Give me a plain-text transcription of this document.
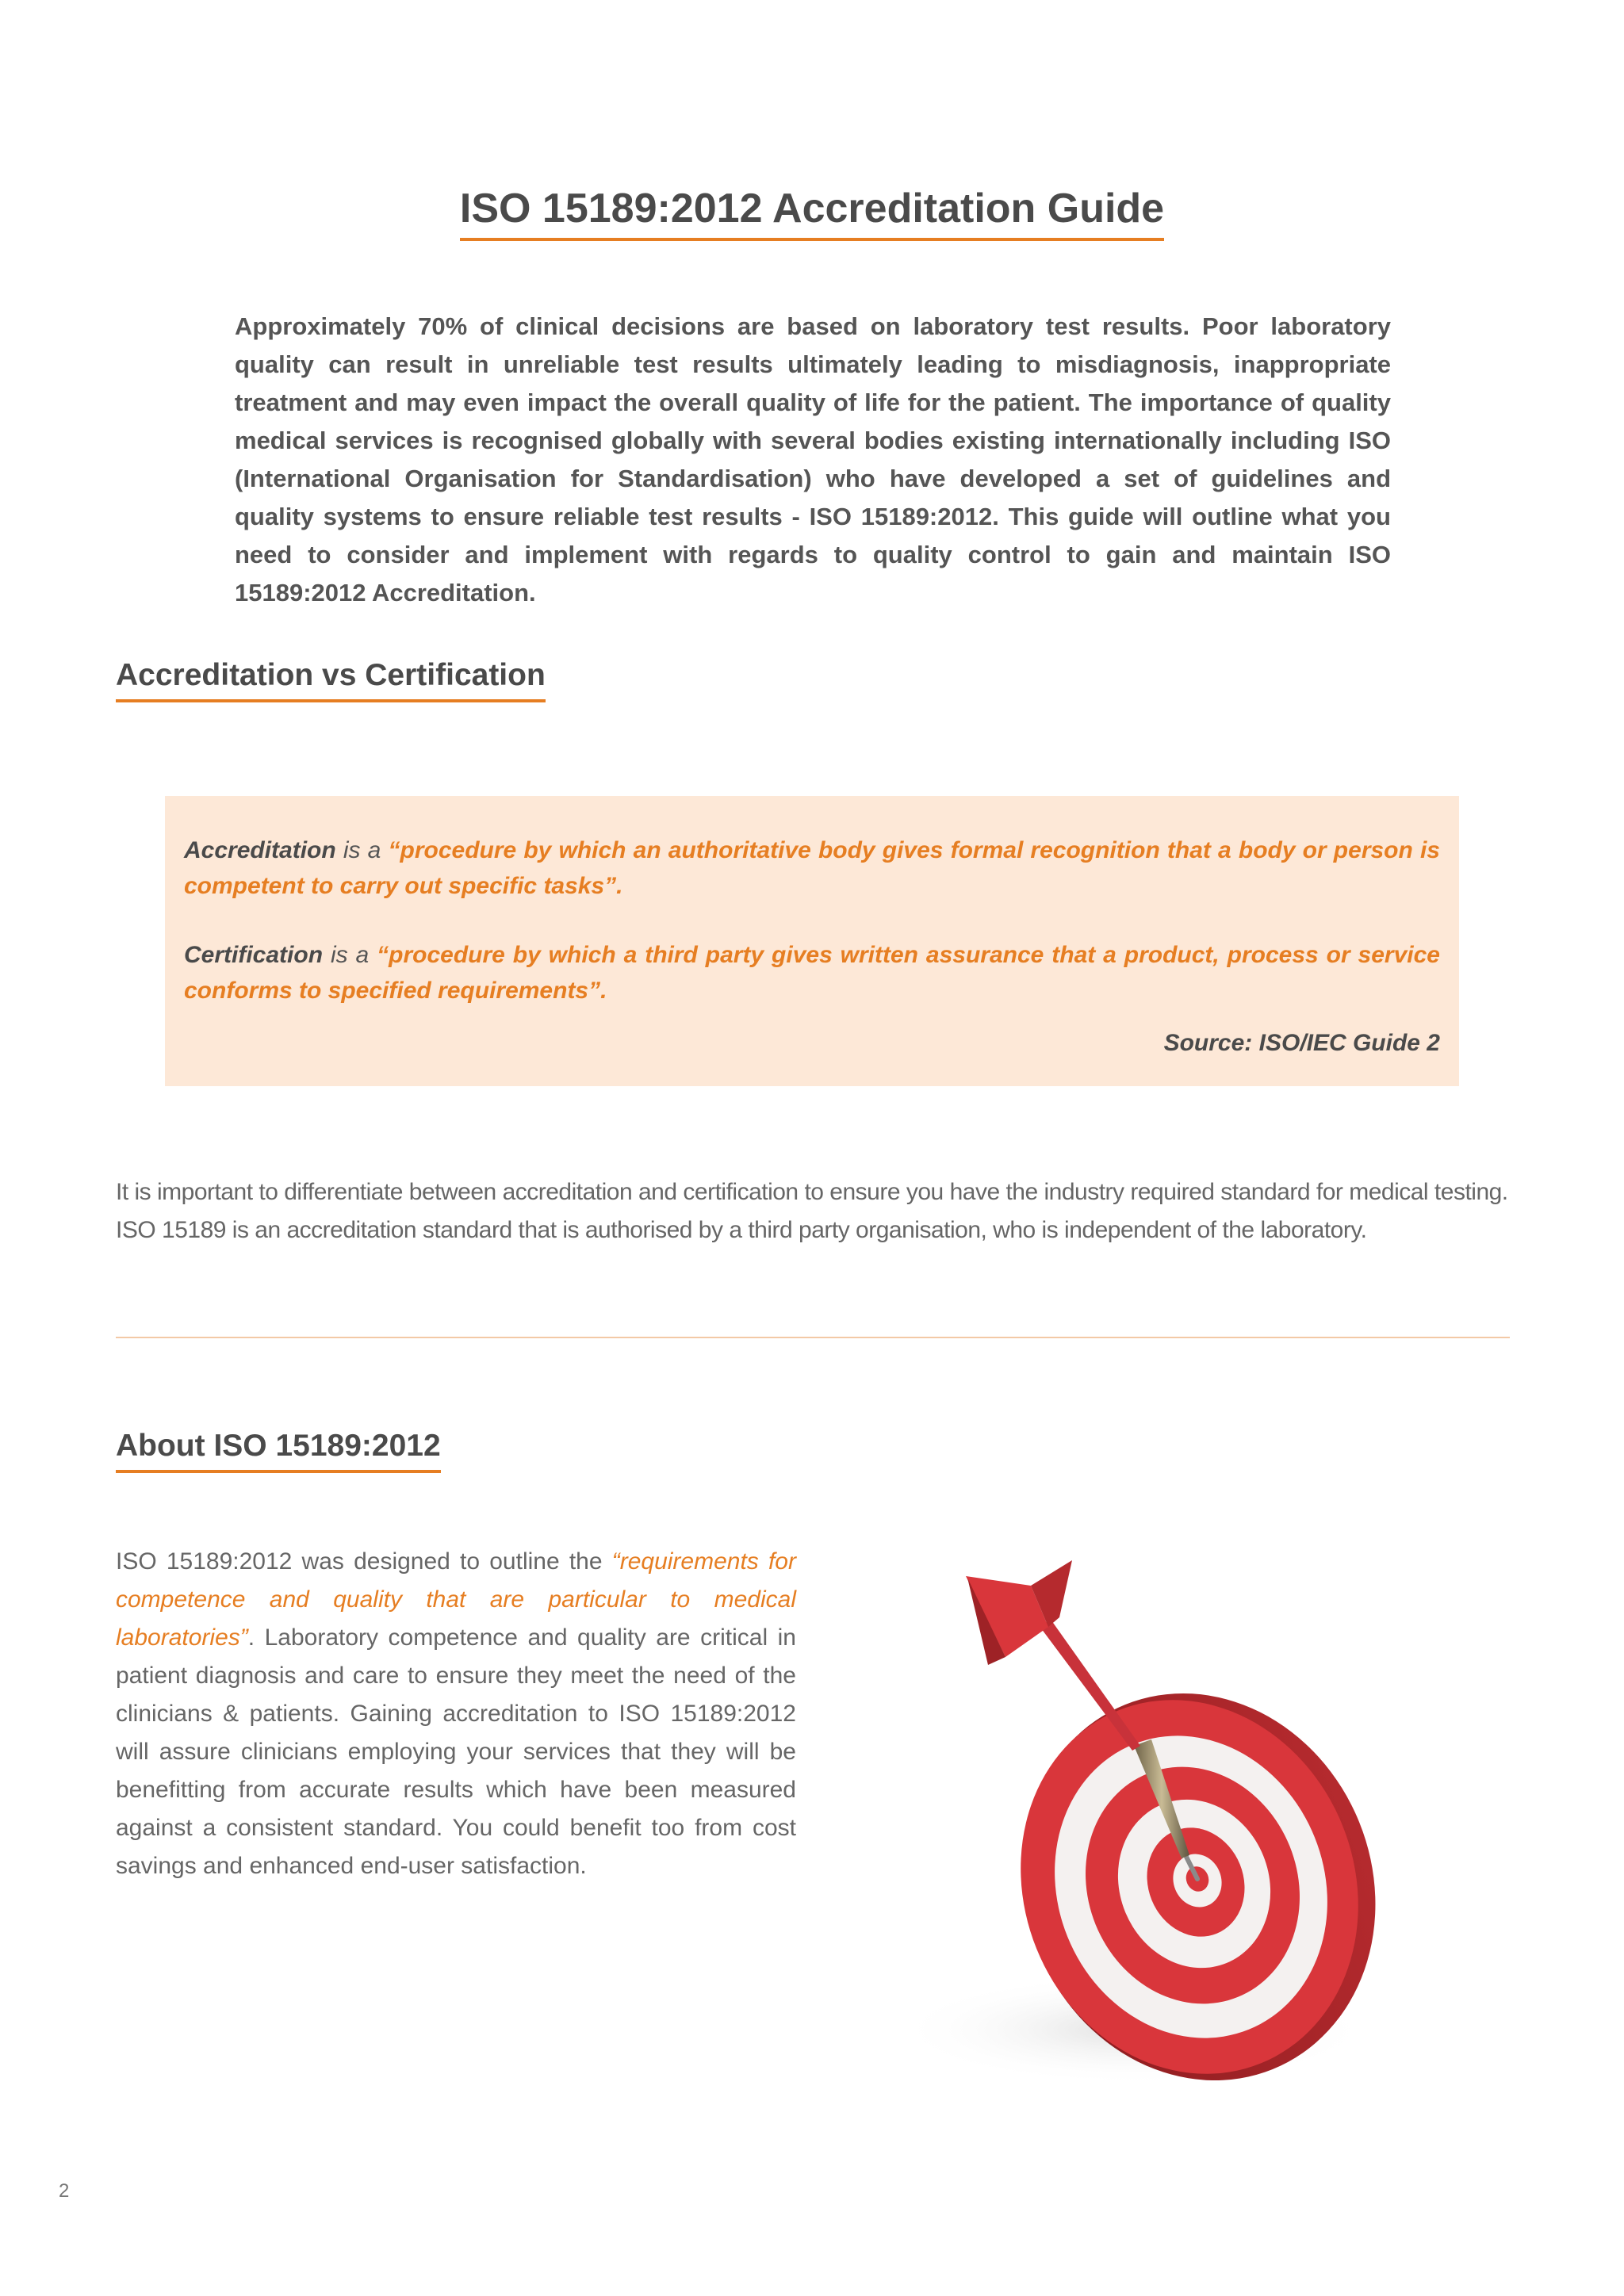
ISO 15189:2012 Accreditation Guide

Approximately 70% of clinical decisions are based on laboratory test results. Poor laboratory quality can result in unreliable test results ultimately leading to misdiagnosis, inappropriate treatment and may even impact the overall quality of life for the patient. The importance of quality medical services is recognised globally with several bodies existing internationally including ISO (International Organisation for Standardisation) who have developed a set of guidelines and quality systems to ensure reliable test results - ISO 15189:2012. This guide will outline what you need to consider and implement with regards to quality control to gain and maintain ISO 15189:2012 Accreditation.

Accreditation vs Certification

Accreditation is a “procedure by which an authoritative body gives formal recognition that a body or person is competent to carry out specific tasks”.

Certification is a “procedure by which a third party gives written assurance that a product, process or service conforms to specified requirements”.

Source: ISO/IEC Guide 2

It is important to differentiate between accreditation and certification to ensure you have the industry required standard for medical testing. ISO 15189 is an accreditation standard that is authorised by a third party organisation, who is independent of the laboratory.

About ISO 15189:2012

ISO 15189:2012 was designed to outline the “requirements for competence and quality that are particular to medical laboratories”. Laboratory competence and quality are critical in patient diagnosis and care to ensure they meet the need of the clinicians & patients. Gaining accreditation to ISO 15189:2012 will assure clinicians employing your services that they will be benefitting from accurate results which have been measured against a consistent standard. You could benefit too from cost savings and enhanced end-user satisfaction.

2
